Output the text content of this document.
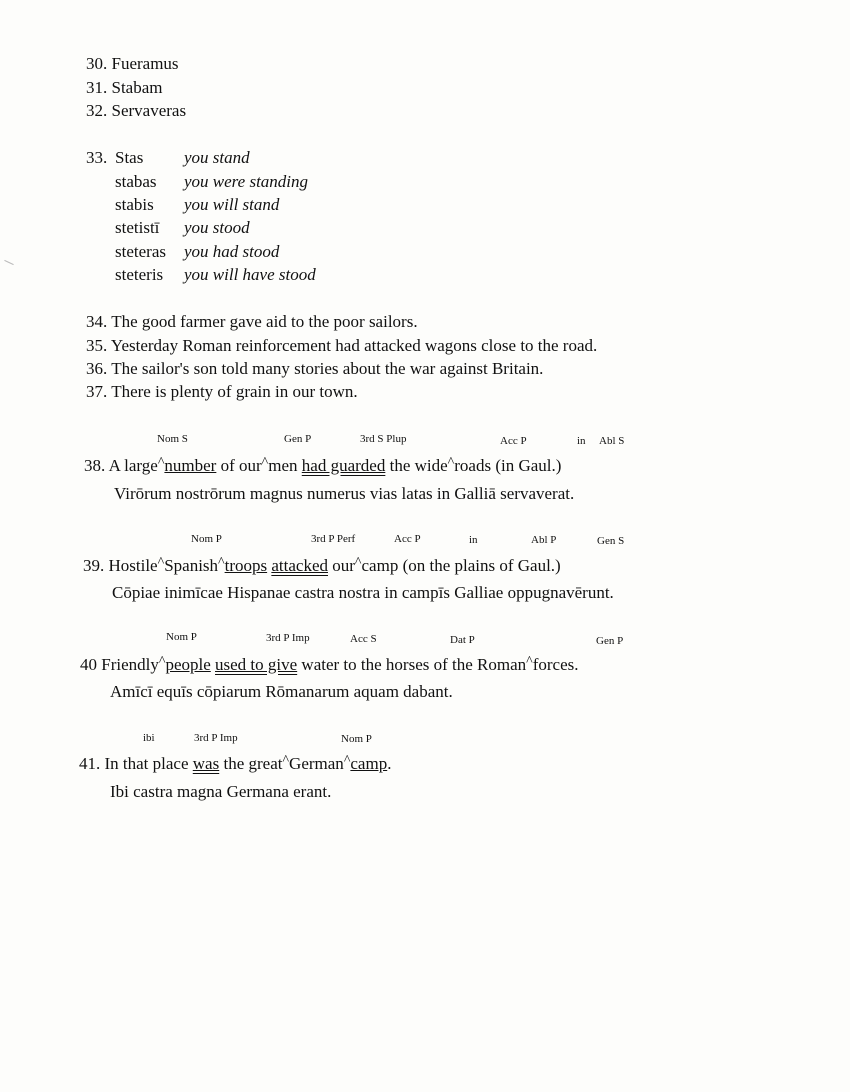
30. Fueramus
31. Stabam
32. Servaveras
33. Stas you stand
stabas you were standing
stabis you will stand
stetistī you stood
steteras you had stood
steteris you will have stood
34. The good farmer gave aid to the poor sailors.
35. Yesterday Roman reinforcement had attacked wagons close to the road.
36. The sailor's son told many stories about the war against Britain.
37. There is plenty of grain in our town.
Nom S	Gen P	3rd S Plup	Acc P	in Abl S
38. A large^number of our^men had guarded the wide^roads (in Gaul.)
Virōrum nostrōrum magnus numerus vias latas in Galliā servaverat.
Nom P	3rd P Perf	Acc P	in	Abl P	Gen S
39. Hostile^Spanish^troops attacked our^camp (on the plains of Gaul.)
Cōpiae inimīcae Hispanae castra nostra in campīs Galliae oppugnavērunt.
Nom P	3rd P Imp	Acc S	Dat P	Gen P
40 Friendly^people used to give water to the horses of the Roman^forces.
Amīcī equīs cōpiarum Rōmanarum aquam dabant.
ibi	3rd P Imp	Nom P
41. In that place was the great^German^camp.
Ibi castra magna Germana erant.
